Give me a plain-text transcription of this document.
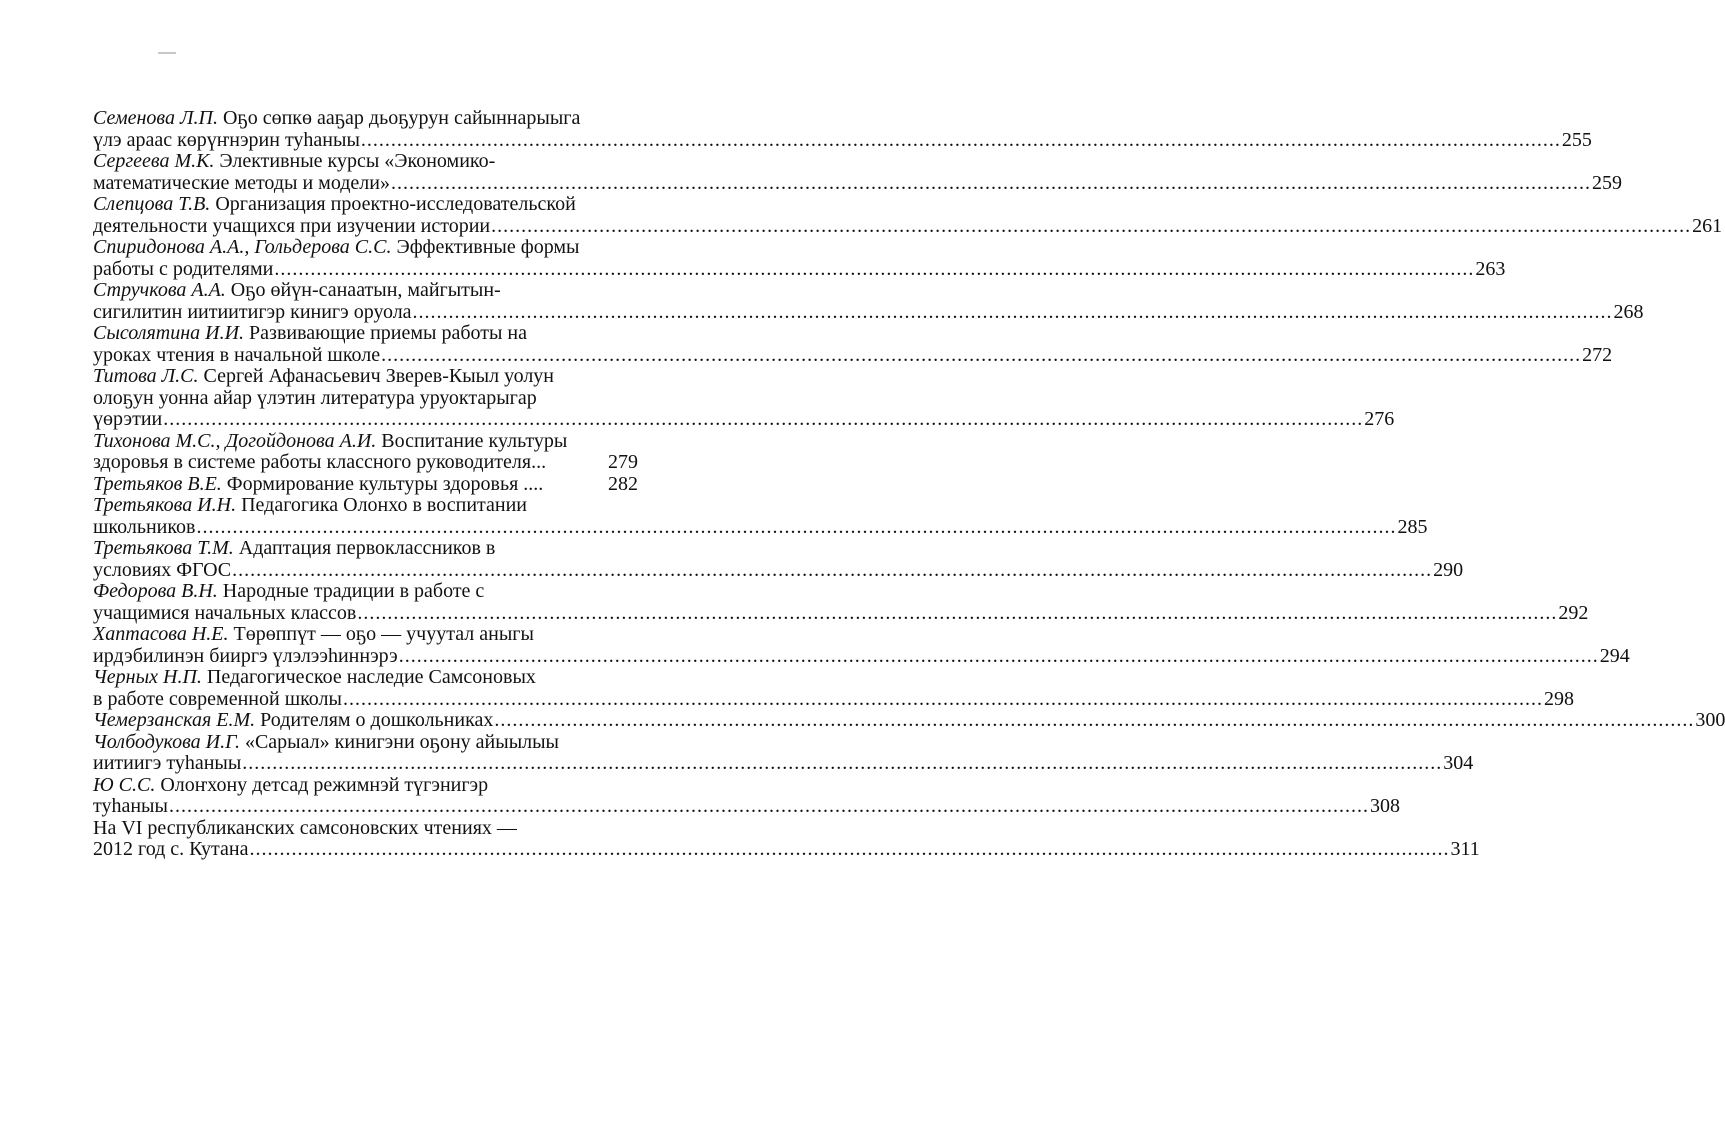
Семенова Л.П. Оҕо сөпкө ааҕар дьоҕурун сайыннарыыга
үлэ араас көрүҥнэрин туһаныы ........................................................................................................................................................................................................ 255
Сергеева М.К. Элективные курсы «Экономико-
математические методы и модели» ........................................................................................................................................................................................................ 259
Слепцова Т.В. Организация проектно-исследовательской
деятельности учащихся при изучении истории ........................................................................................................................................................................................................ 261
Спиридонова А.А., Гольдерова С.С. Эффективные формы
работы с родителями ........................................................................................................................................................................................................ 263
Стручкова А.А. Оҕо өйүн-санаатын, майгытын-
сигилитин иитиитигэр кинигэ оруола ........................................................................................................................................................................................................ 268
Сысолятина И.И. Развивающие приемы работы на
уроках чтения в начальной школе ........................................................................................................................................................................................................ 272
Титова Л.С. Сергей Афанасьевич Зверев-Кыыл уолун
олоҕун уонна айар үлэтин литература уруоктарыгар
үөрэтии ........................................................................................................................................................................................................ 276
Тихонова М.С., Догойдонова А.И. Воспитание культуры
здоровья в системе работы классного руководителя...	279
Третьяков В.Е. Формирование культуры здоровья ....	282
Третьякова И.Н. Педагогика Олонхо в воспитании
школьников ........................................................................................................................................................................................................ 285
Третьякова Т.М. Адаптация первоклассников в
условиях ФГОС ........................................................................................................................................................................................................ 290
Федорова В.Н. Народные традиции в работе с
учащимися начальных классов ........................................................................................................................................................................................................ 292
Хаптасова Н.Е. Төрөппүт — оҕо — учуутал аныгы
ирдэбилинэн бииргэ үлэлээһиннэрэ ........................................................................................................................................................................................................ 294
Черных Н.П. Педагогическое наследие Самсоновых
в работе современной школы ........................................................................................................................................................................................................ 298
Чемерзанская Е.М. Родителям о дошкольниках ........................................................................................................................................................................................................ 300
Чолбодукова И.Г. «Сарыал» кинигэни оҕону айыылыы
иитиигэ туһаныы ........................................................................................................................................................................................................ 304
Ю С.С. Олоҥхону детсад режимнэй түгэнигэр
туһаныы ........................................................................................................................................................................................................ 308
На VI республиканских самсоновских чтениях —
2012 год с. Кутана ........................................................................................................................................................................................................ 311
